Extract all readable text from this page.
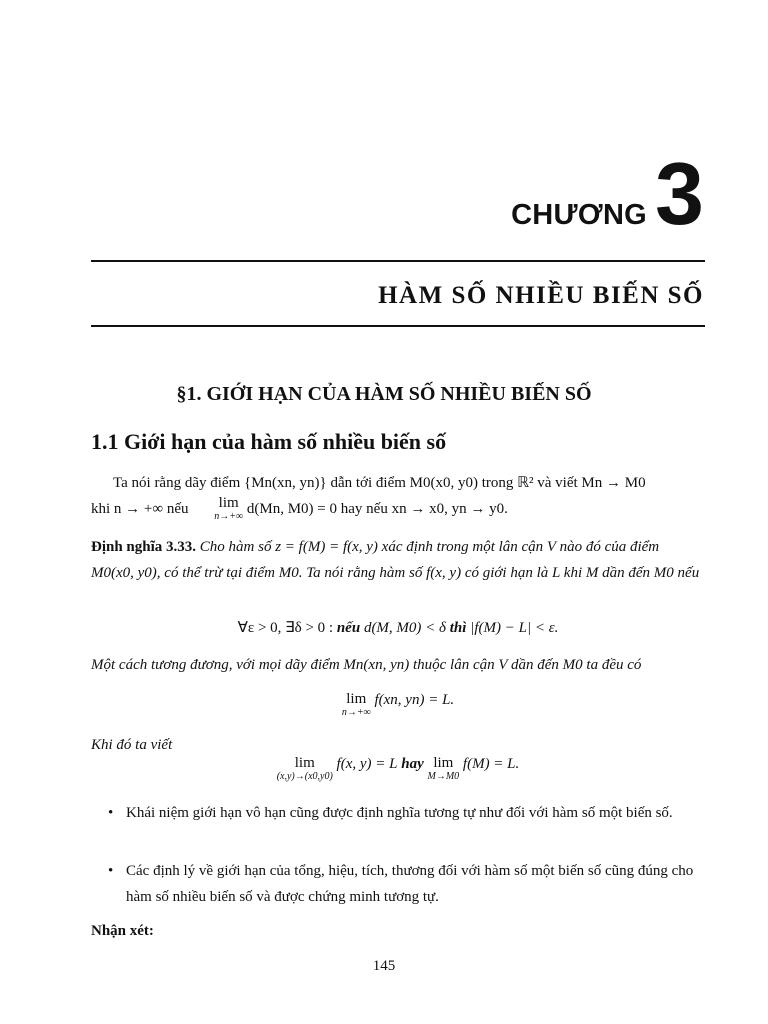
CHƯƠNG 3
HÀM SỐ NHIỀU BIẾN SỐ
§1. GIỚI HẠN CỦA HÀM SỐ NHIỀU BIẾN SỐ
1.1 Giới hạn của hàm số nhiều biến số
Ta nói rằng dãy điểm {Mn(xn, yn)} dẫn tới điểm M0(x0, y0) trong ℝ² và viết Mn → M0
khi n → +∞ nếu lim
n→+∞ d(Mn, M0) = 0 hay nếu xn → x0, yn → y0.
Định nghĩa 3.33. Cho hàm số z = f(M) = f(x, y) xác định trong một lân cận V nào đó của điểm M0(x0, y0), có thể trừ tại điểm M0. Ta nói rằng hàm số f(x, y) có giới hạn là L khi M dần đến M0 nếu
∀ε > 0, ∃δ > 0 : nếu d(M, M0) < δ thì |f(M) − L| < ε.
Một cách tương đương, với mọi dãy điểm Mn(xn, yn) thuộc lân cận V dần đến M0 ta đều có
lim
n→+∞
f(xn, yn) = L.
Khi đó ta viết
lim
(x,y)→(x0,y0)
f(x, y) = L hay lim
M→M0
f(M) = L.
• Khái niệm giới hạn vô hạn cũng được định nghĩa tương tự như đối với hàm số một biến số.
• Các định lý về giới hạn của tổng, hiệu, tích, thương đối với hàm số một biến số cũng đúng cho hàm số nhiều biến số và được chứng minh tương tự.
Nhận xét:
145
